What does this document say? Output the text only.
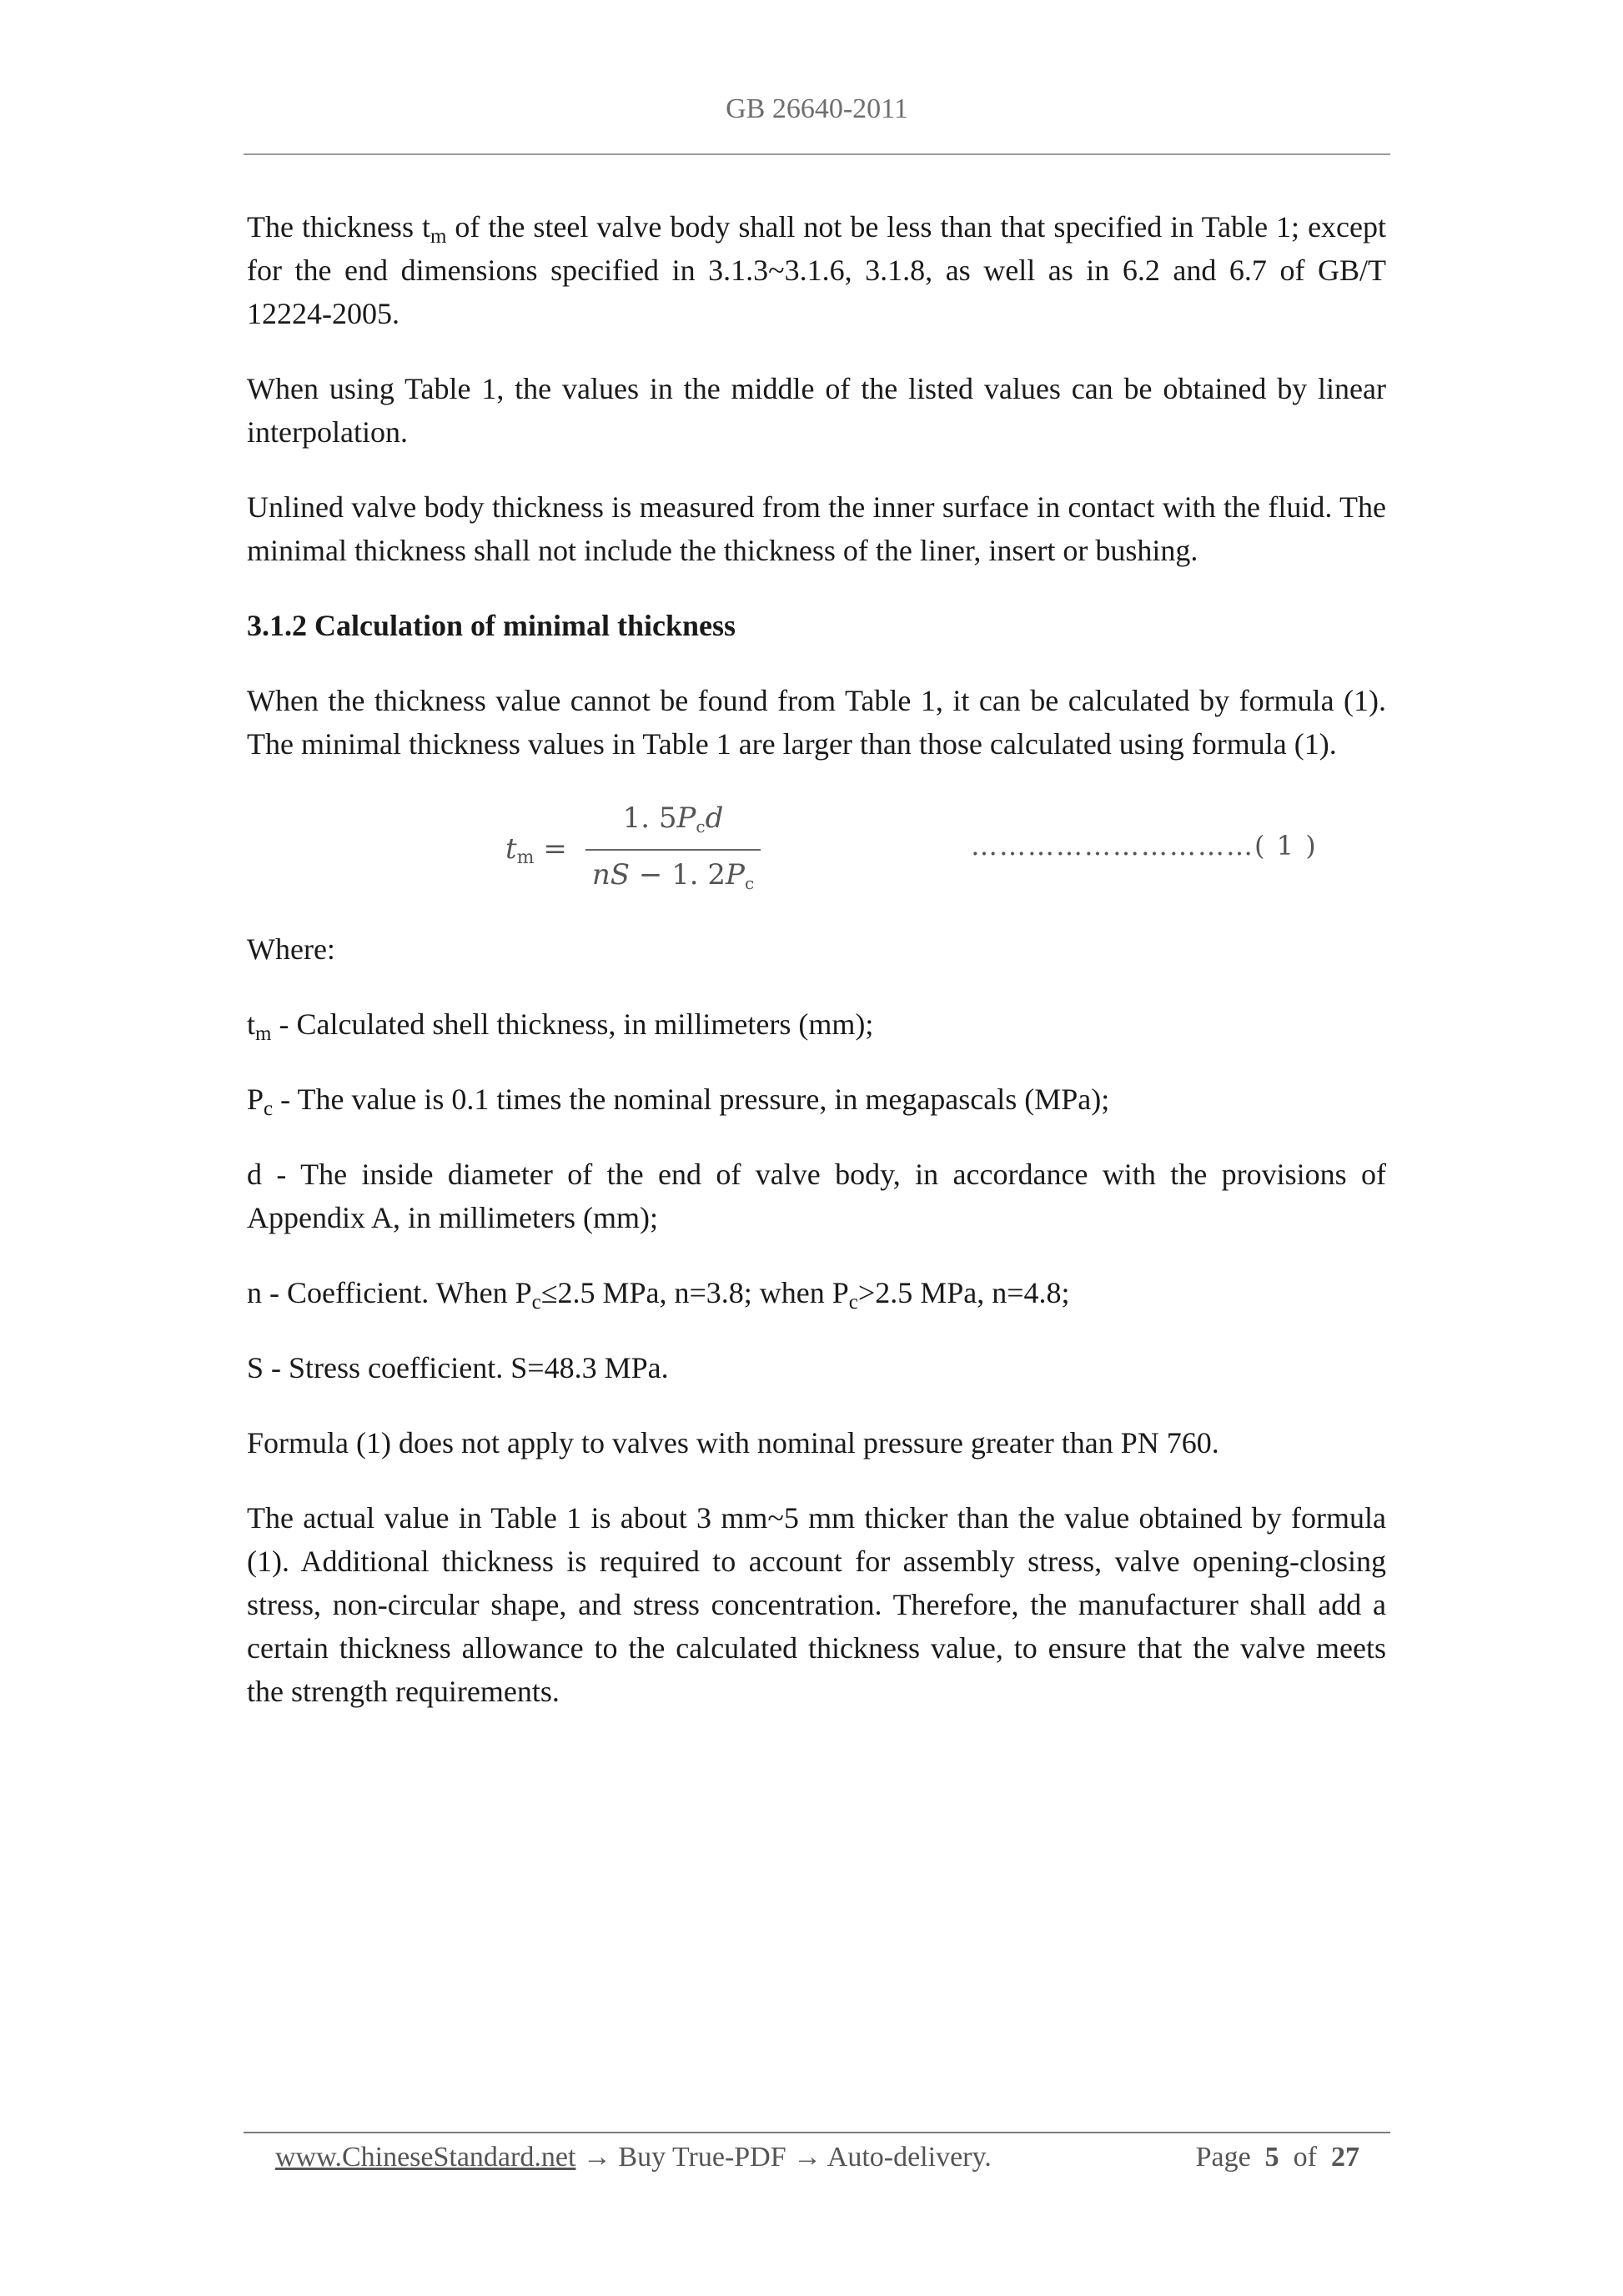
GB 26640-2011

The thickness $t_m$ of the steel valve body shall not be less than that specified in Table 1; except for the end dimensions specified in 3.1.3~3.1.6, 3.1.8, as well as in 6.2 and 6.7 of GB/T 12224-2005.

When using Table 1, the values in the middle of the listed values can be obtained by linear interpolation.

Unlined valve body thickness is measured from the inner surface in contact with the fluid. The minimal thickness shall not include the thickness of the liner, insert or bushing.

3.1.2 Calculation of minimal thickness

When the thickness value cannot be found from Table 1, it can be calculated by formula (1). The minimal thickness values in Table 1 are larger than those calculated using formula (1).

tm =
1. 5Pcd
nS − 1. 2Pc
…………………………( 1 )

Where:

$t_m$ - Calculated shell thickness, in millimeters (mm);

$P_c$ - The value is 0.1 times the nominal pressure, in megapascals (MPa);

d - The inside diameter of the end of valve body, in accordance with the provisions of Appendix A, in millimeters (mm);

n - Coefficient. When $P_c\le 2.5$ MPa, n=3.8; when $P_c>2.5$ MPa, n=4.8;

S - Stress coefficient. S=48.3 MPa.

Formula (1) does not apply to valves with nominal pressure greater than PN 760.

The actual value in Table 1 is about 3 mm~5 mm thicker than the value obtained by formula (1). Additional thickness is required to account for assembly stress, valve opening-closing stress, non-circular shape, and stress concentration. Therefore, the manufacturer shall add a certain thickness allowance to the calculated thickness value, to ensure that the valve meets the strength requirements.

www.ChineseStandard.net → Buy True-PDF → Auto-delivery.	Page 5 of 27
